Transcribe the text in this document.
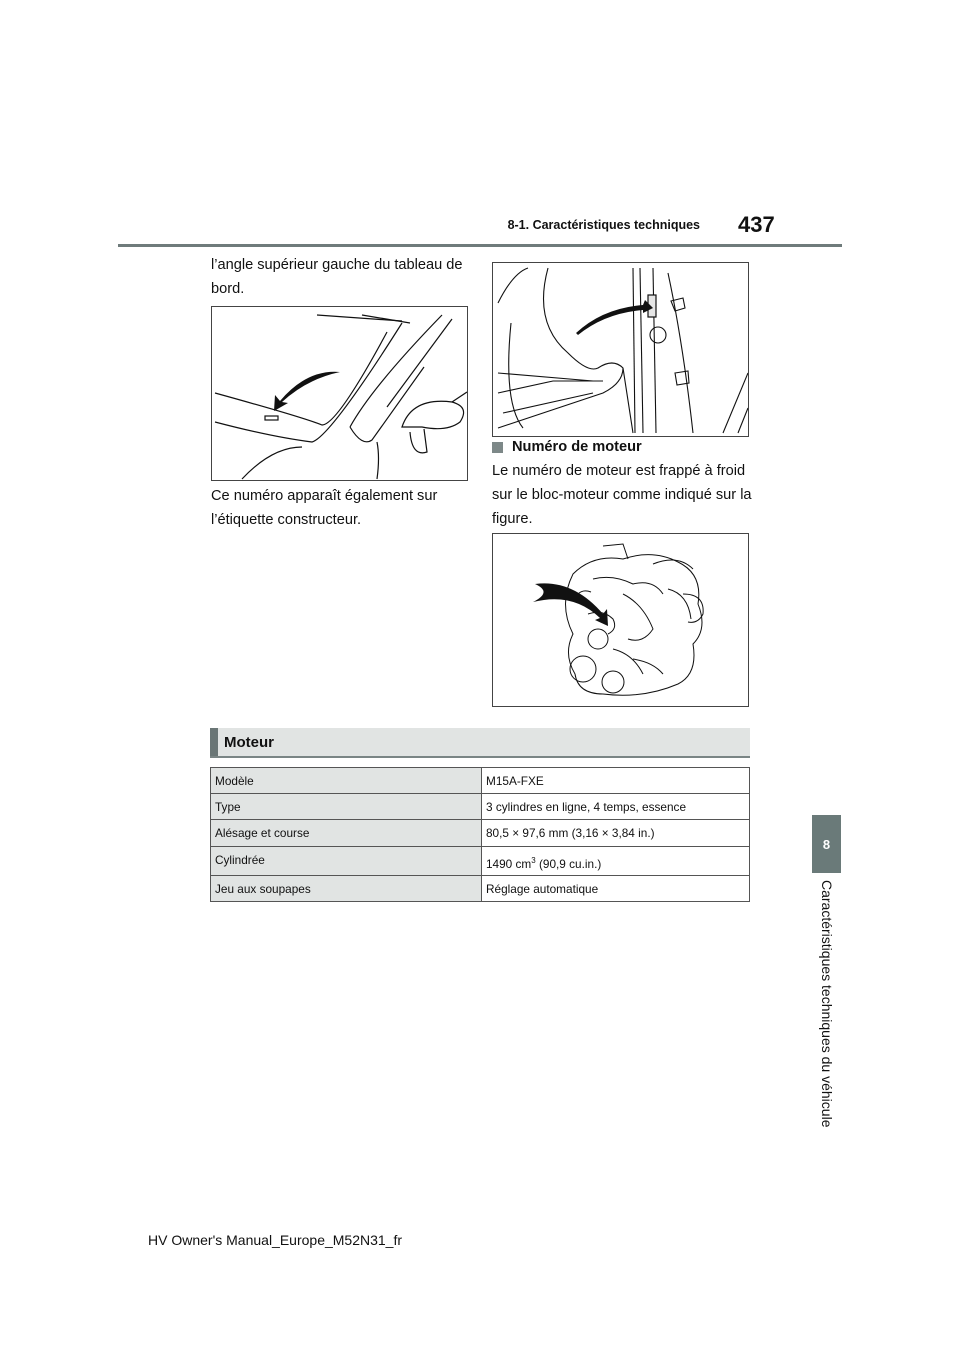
8-1. Caractéristiques techniques 437
l’angle supérieur gauche du tableau de bord.
Ce numéro apparaît également sur l’étiquette constructeur.
Numéro de moteur
Le numéro de moteur est frappé à froid sur le bloc-moteur comme indiqué sur la figure.
Moteur
Modèle	M15A-FXE
Type	3 cylindres en ligne, 4 temps, essence
Alésage et course	80,5 × 97,6 mm (3,16 × 3,84 in.)
Cylindrée	1490 $cm^3$ (90,9 cu.in.)
Jeu aux soupapes	Réglage automatique
8
Caractéristiques techniques du véhicule
HV Owner's Manual_Europe_M52N31_fr
